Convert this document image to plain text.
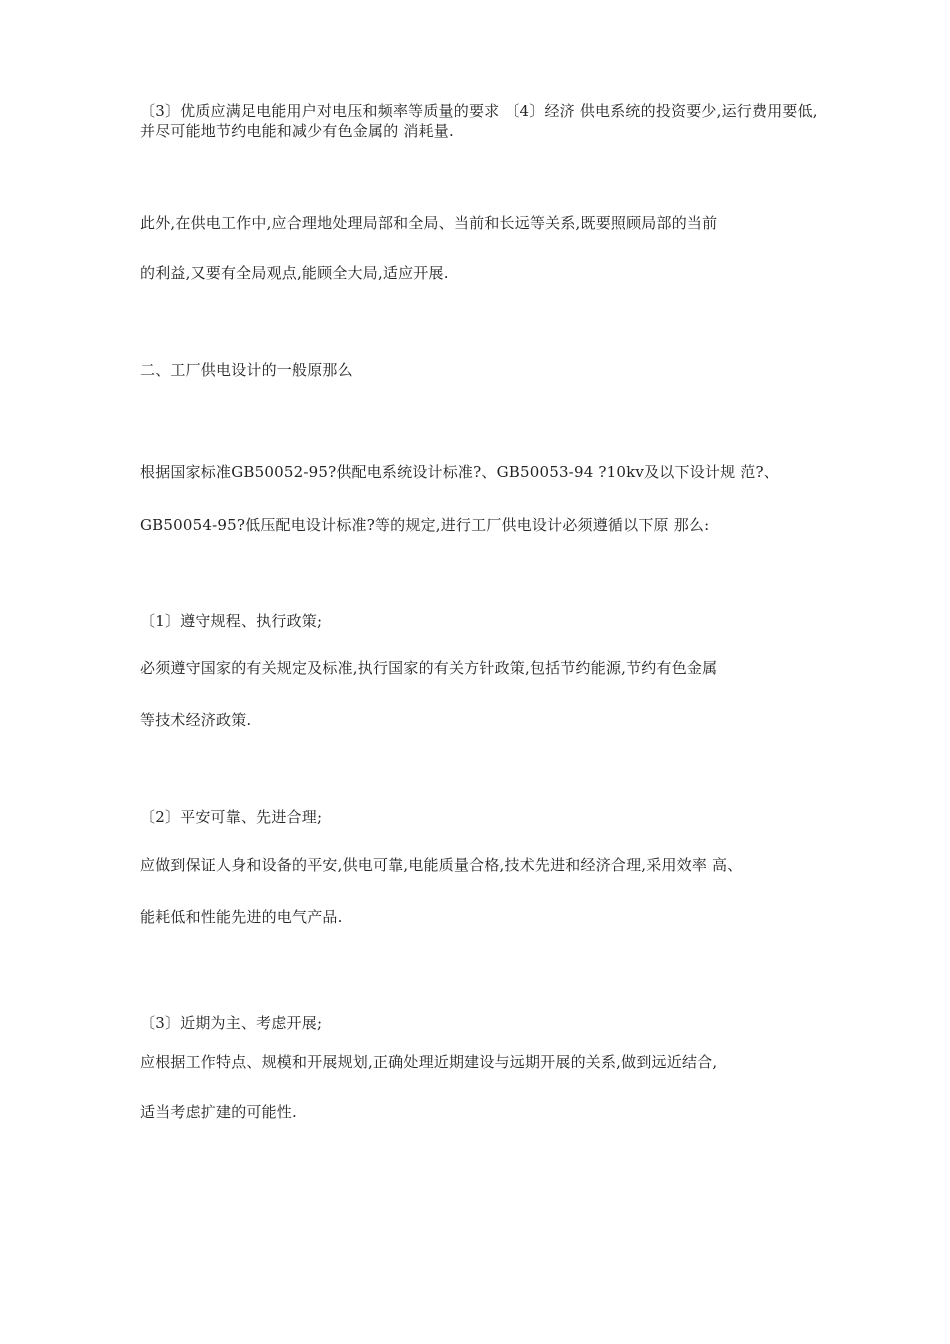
〔3〕优质应满足电能用户对电压和频率等质量的要求 〔4〕经济 供电系统的投资要少,运行费用要低,并尽可能地节约电能和减少有色金属的 消耗量.
此外,在供电工作中,应合理地处理局部和全局、当前和长远等关系,既要照顾局部的当前
的利益,又要有全局观点,能顾全大局,适应开展.
二、工厂供电设计的一般原那么
根据国家标准GB50052-95?供配电系统设计标准?、GB50053-94 ?10kv及以下设计规 范?、
GB50054-95?低压配电设计标准?等的规定,进行工厂供电设计必须遵循以下原 那么:
〔1〕遵守规程、执行政策;
必须遵守国家的有关规定及标准,执行国家的有关方针政策,包括节约能源,节约有色金属
等技术经济政策.
〔2〕平安可靠、先进合理;
应做到保证人身和设备的平安,供电可靠,电能质量合格,技术先进和经济合理,采用效率 高、
能耗低和性能先进的电气产品.
〔3〕近期为主、考虑开展;
应根据工作特点、规模和开展规划,正确处理近期建设与远期开展的关系,做到远近结合,
适当考虑扩建的可能性.
